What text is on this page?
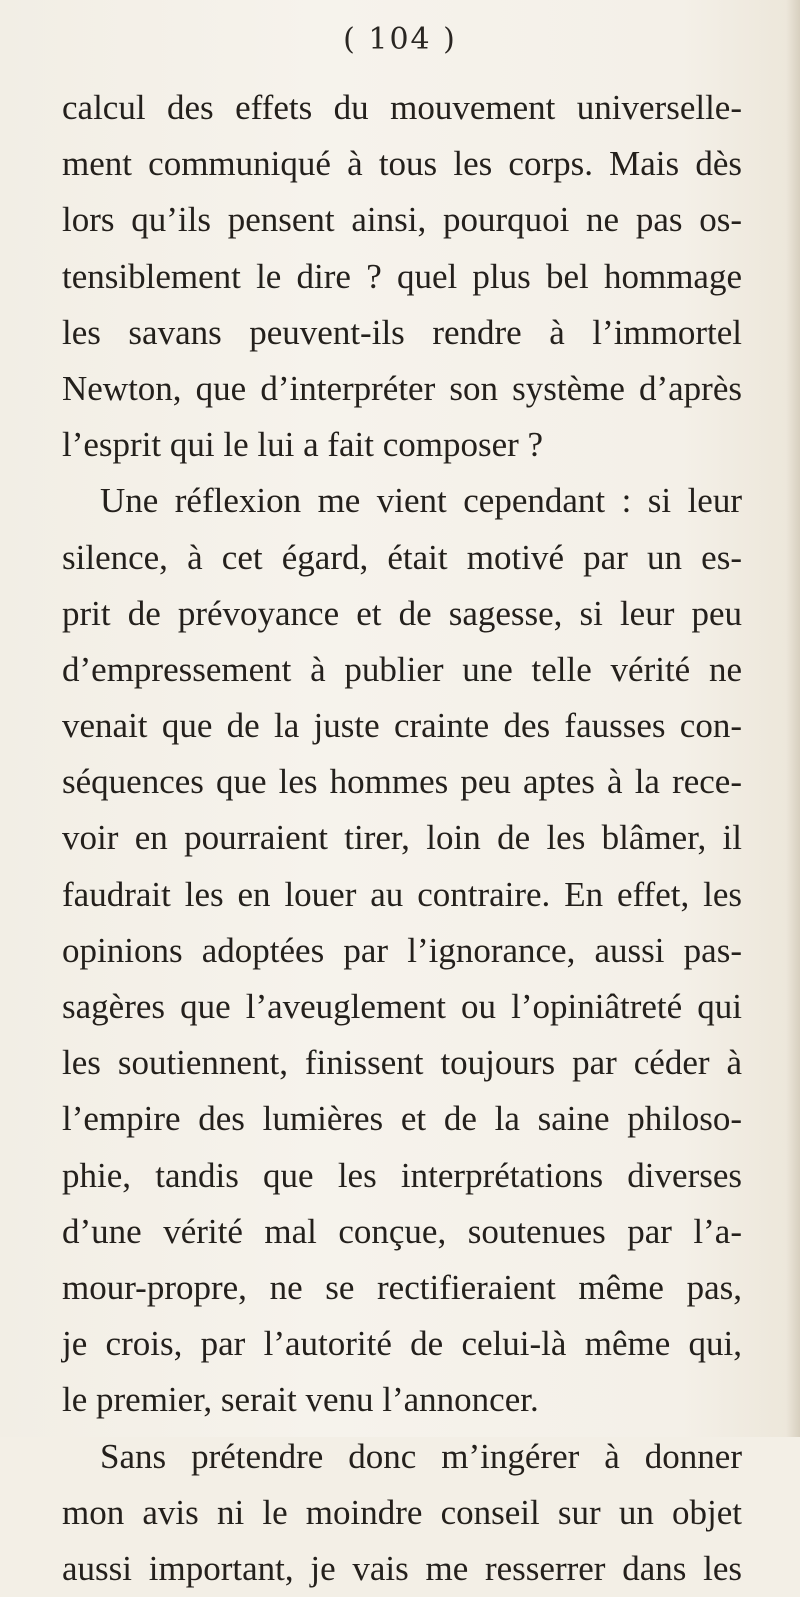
( 104 )
calcul des effets du mouvement universelle-
ment communiqué à tous les corps. Mais dès
lors qu’ils pensent ainsi, pourquoi ne pas os-
tensiblement le dire ? quel plus bel hommage
les savans peuvent-ils rendre à l’immortel
Newton, que d’interpréter son système d’après
l’esprit qui le lui a fait composer ?
Une réflexion me vient cependant : si leur
silence, à cet égard, était motivé par un es-
prit de prévoyance et de sagesse, si leur peu
d’empressement à publier une telle vérité ne
venait que de la juste crainte des fausses con-
séquences que les hommes peu aptes à la rece-
voir en pourraient tirer, loin de les blâmer, il
faudrait les en louer au contraire. En effet, les
opinions adoptées par l’ignorance, aussi pas-
sagères que l’aveuglement ou l’opiniâtreté qui
les soutiennent, finissent toujours par céder à
l’empire des lumières et de la saine philoso-
phie, tandis que les interprétations diverses
d’une vérité mal conçue, soutenues par l’a-
mour-propre, ne se rectifieraient même pas,
je crois, par l’autorité de celui-là même qui,
le premier, serait venu l’annoncer.
Sans prétendre donc m’ingérer à donner
mon avis ni le moindre conseil sur un objet
aussi important, je vais me resserrer dans les
